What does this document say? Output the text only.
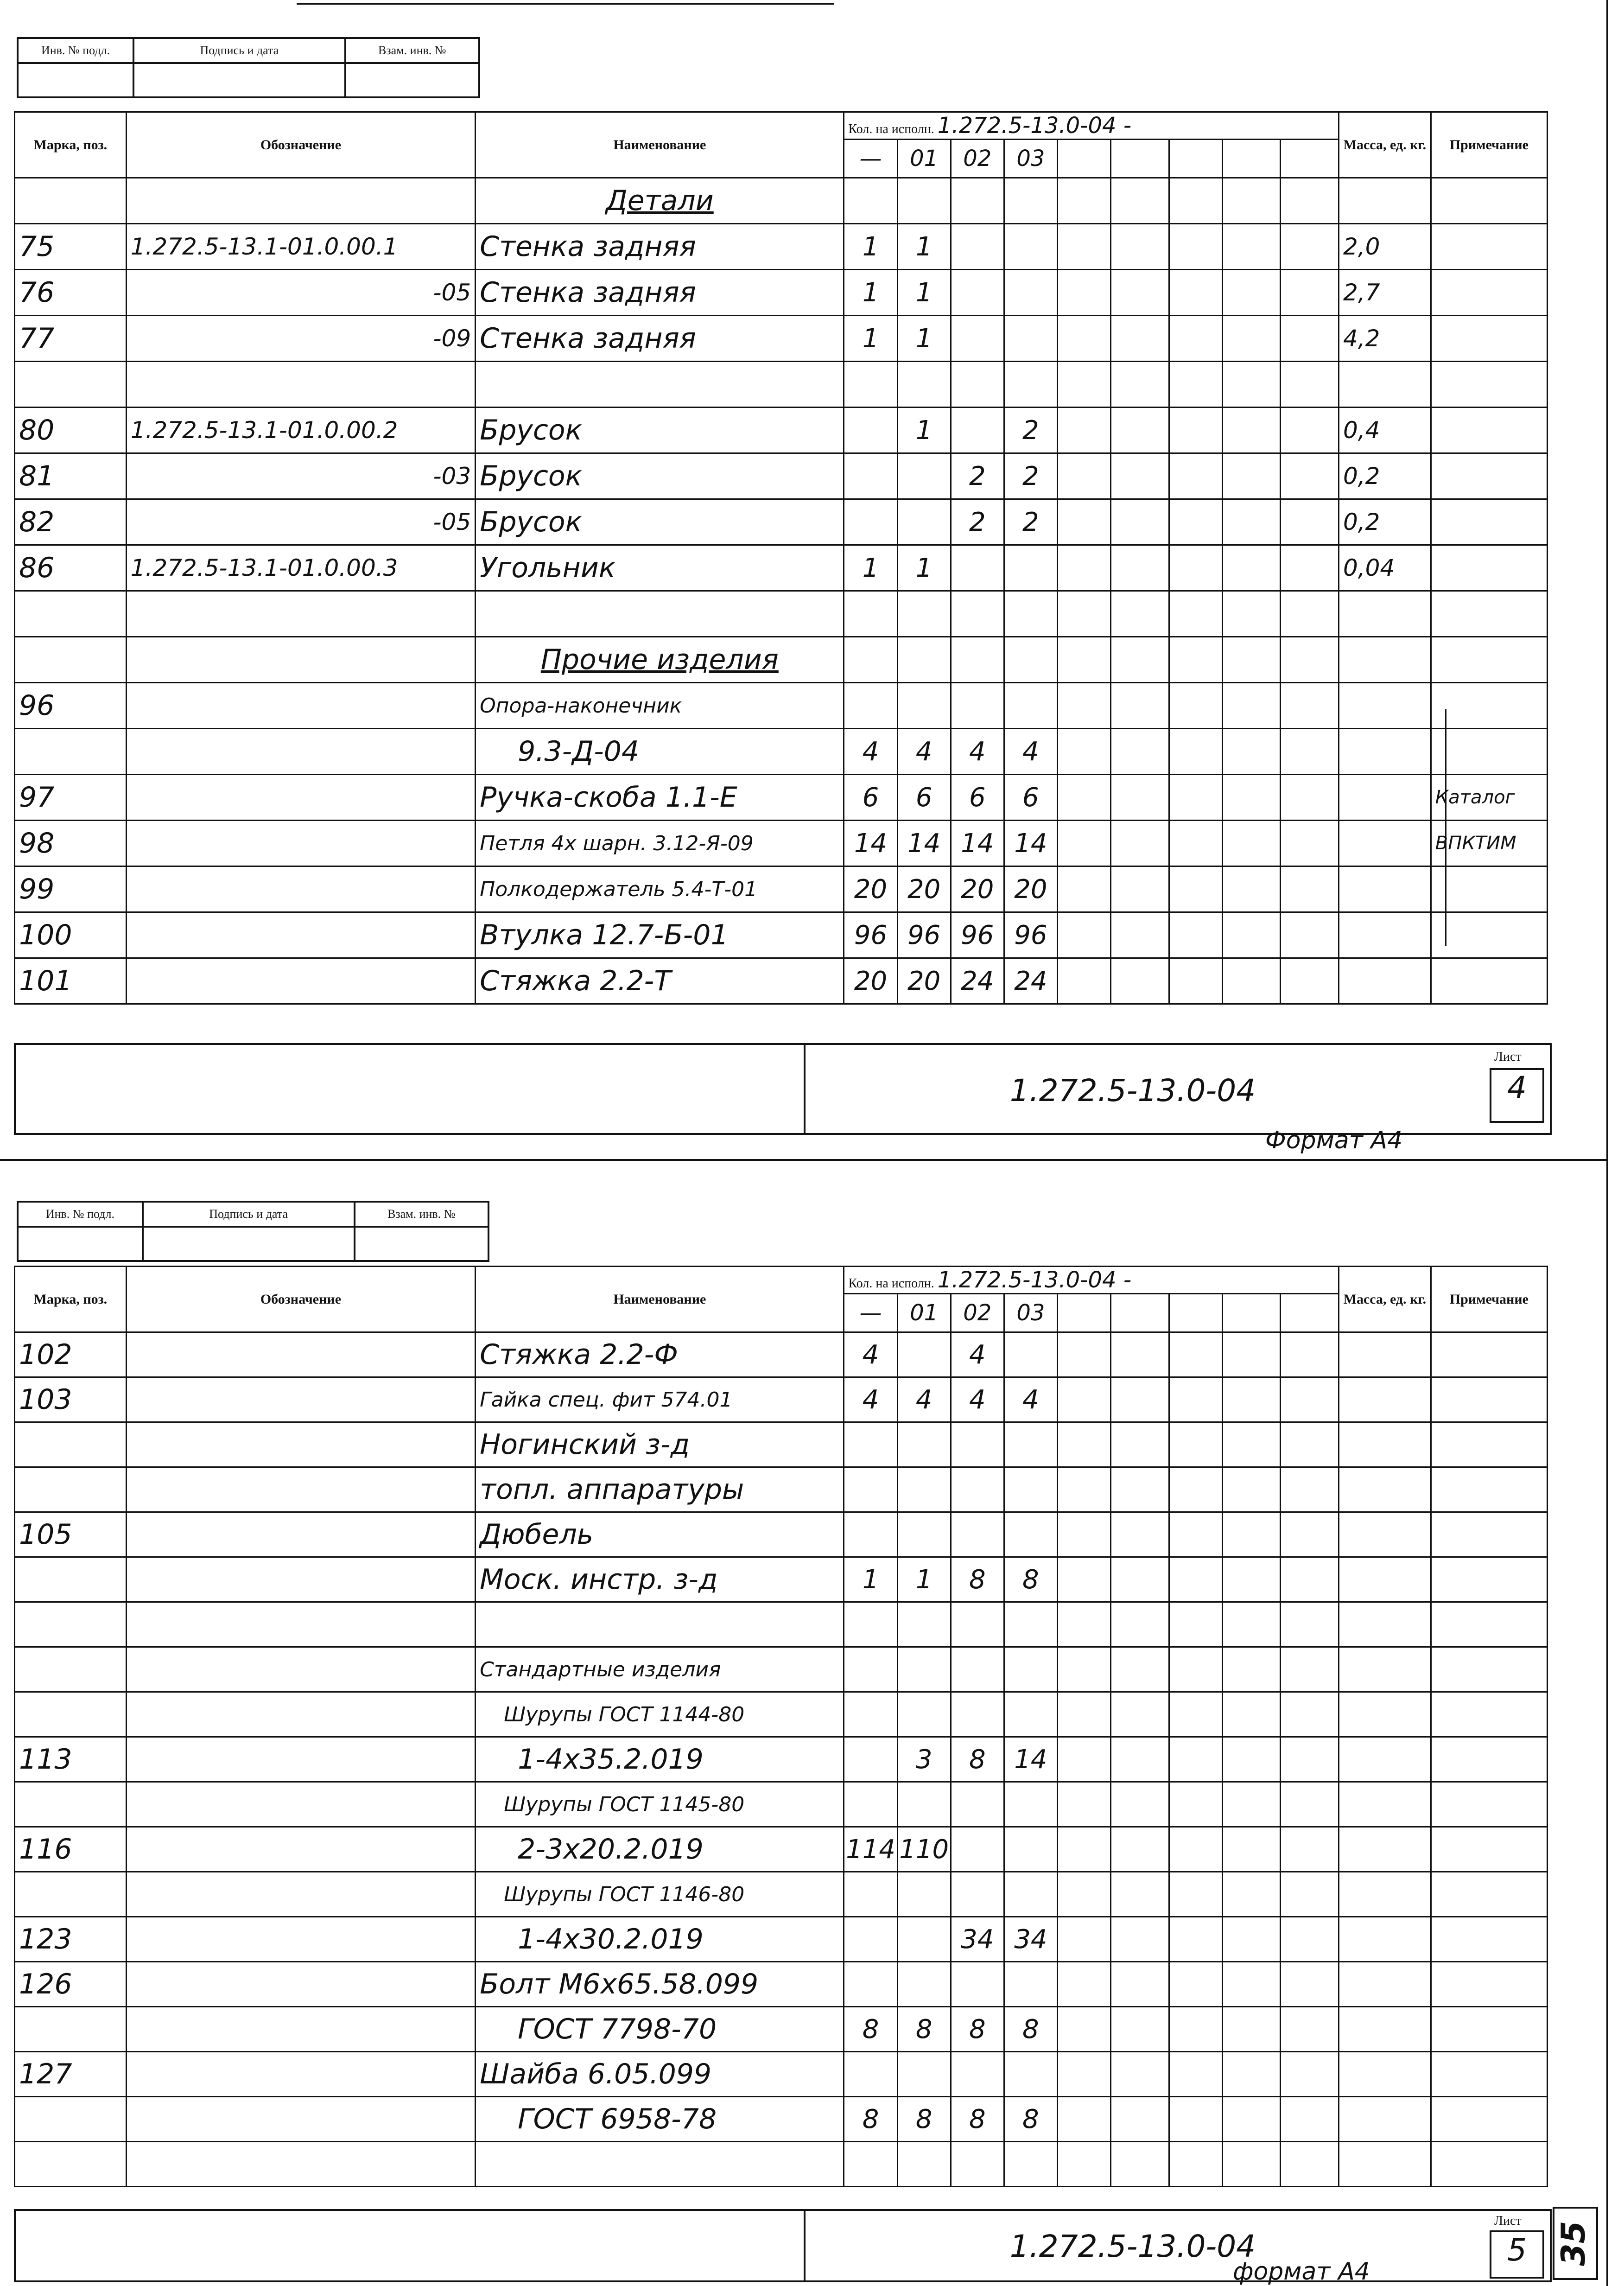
Инв. № подл.	Подпись и дата	Взам. инв. №

Марка, поз.	Обозначение	Наименование	Кол. на исполн. 1.272.5-13.0-04 -									Масса, ед. кг.	Примечание
			—	01	02	03							
		Детали											
75	1.272.5-13.1-01.0.00.1	Стенка задняя	1	1								2,0	
76	-05	Стенка задняя	1	1								2,7	
77	-09	Стенка задняя	1	1								4,2	

80	1.272.5-13.1-01.0.00.2	Брусок		1		2						0,4	
81	-03	Брусок			2	2						0,2	
82	-05	Брусок			2	2						0,2	
86	1.272.5-13.1-01.0.00.3	Угольник	1	1								0,04	

		Прочие изделия											
96		Опора-наконечник											
		9.3-Д-04	4	4	4	4							
97		Ручка-скоба 1.1-Е	6	6	6	6							Каталог
98		Петля 4х шарн. 3.12-Я-09	14	14	14	14							ВПКТИМ
99		Полкодержатель 5.4-Т-01	20	20	20	20							
100		Втулка 12.7-Б-01	96	96	96	96							
101		Стяжка 2.2-Т	20	20	24	24							
1.272.5-13.0-04
Лист
4
Формат А4
Инв. № подл.	Подпись и дата	Взам. инв. №

Марка, поз.	Обозначение	Наименование	Кол. на исполн. 1.272.5-13.0-04 -									Масса, ед. кг.	Примечание
			—	01	02	03							
102		Стяжка 2.2-Ф	4		4								
103		Гайка спец. фит 574.01	4	4	4	4							
		Ногинский з-д											
		топл. аппаратуры											
105		Дюбель											
		Моск. инстр. з-д	1	1	8	8							

		Стандартные изделия											
		Шурупы ГОСТ 1144-80											
113		1-4x35.2.019		3	8	14							
		Шурупы ГОСТ 1145-80											
116		2-3x20.2.019	114	110									
		Шурупы ГОСТ 1146-80											
123		1-4x30.2.019			34	34							
126		Болт М6х65.58.099											
		ГОСТ 7798-70	8	8	8	8							
127		Шайба 6.05.099											
		ГОСТ 6958-78	8	8	8	8							

1.272.5-13.0-04
Лист
5 35
формат А4
